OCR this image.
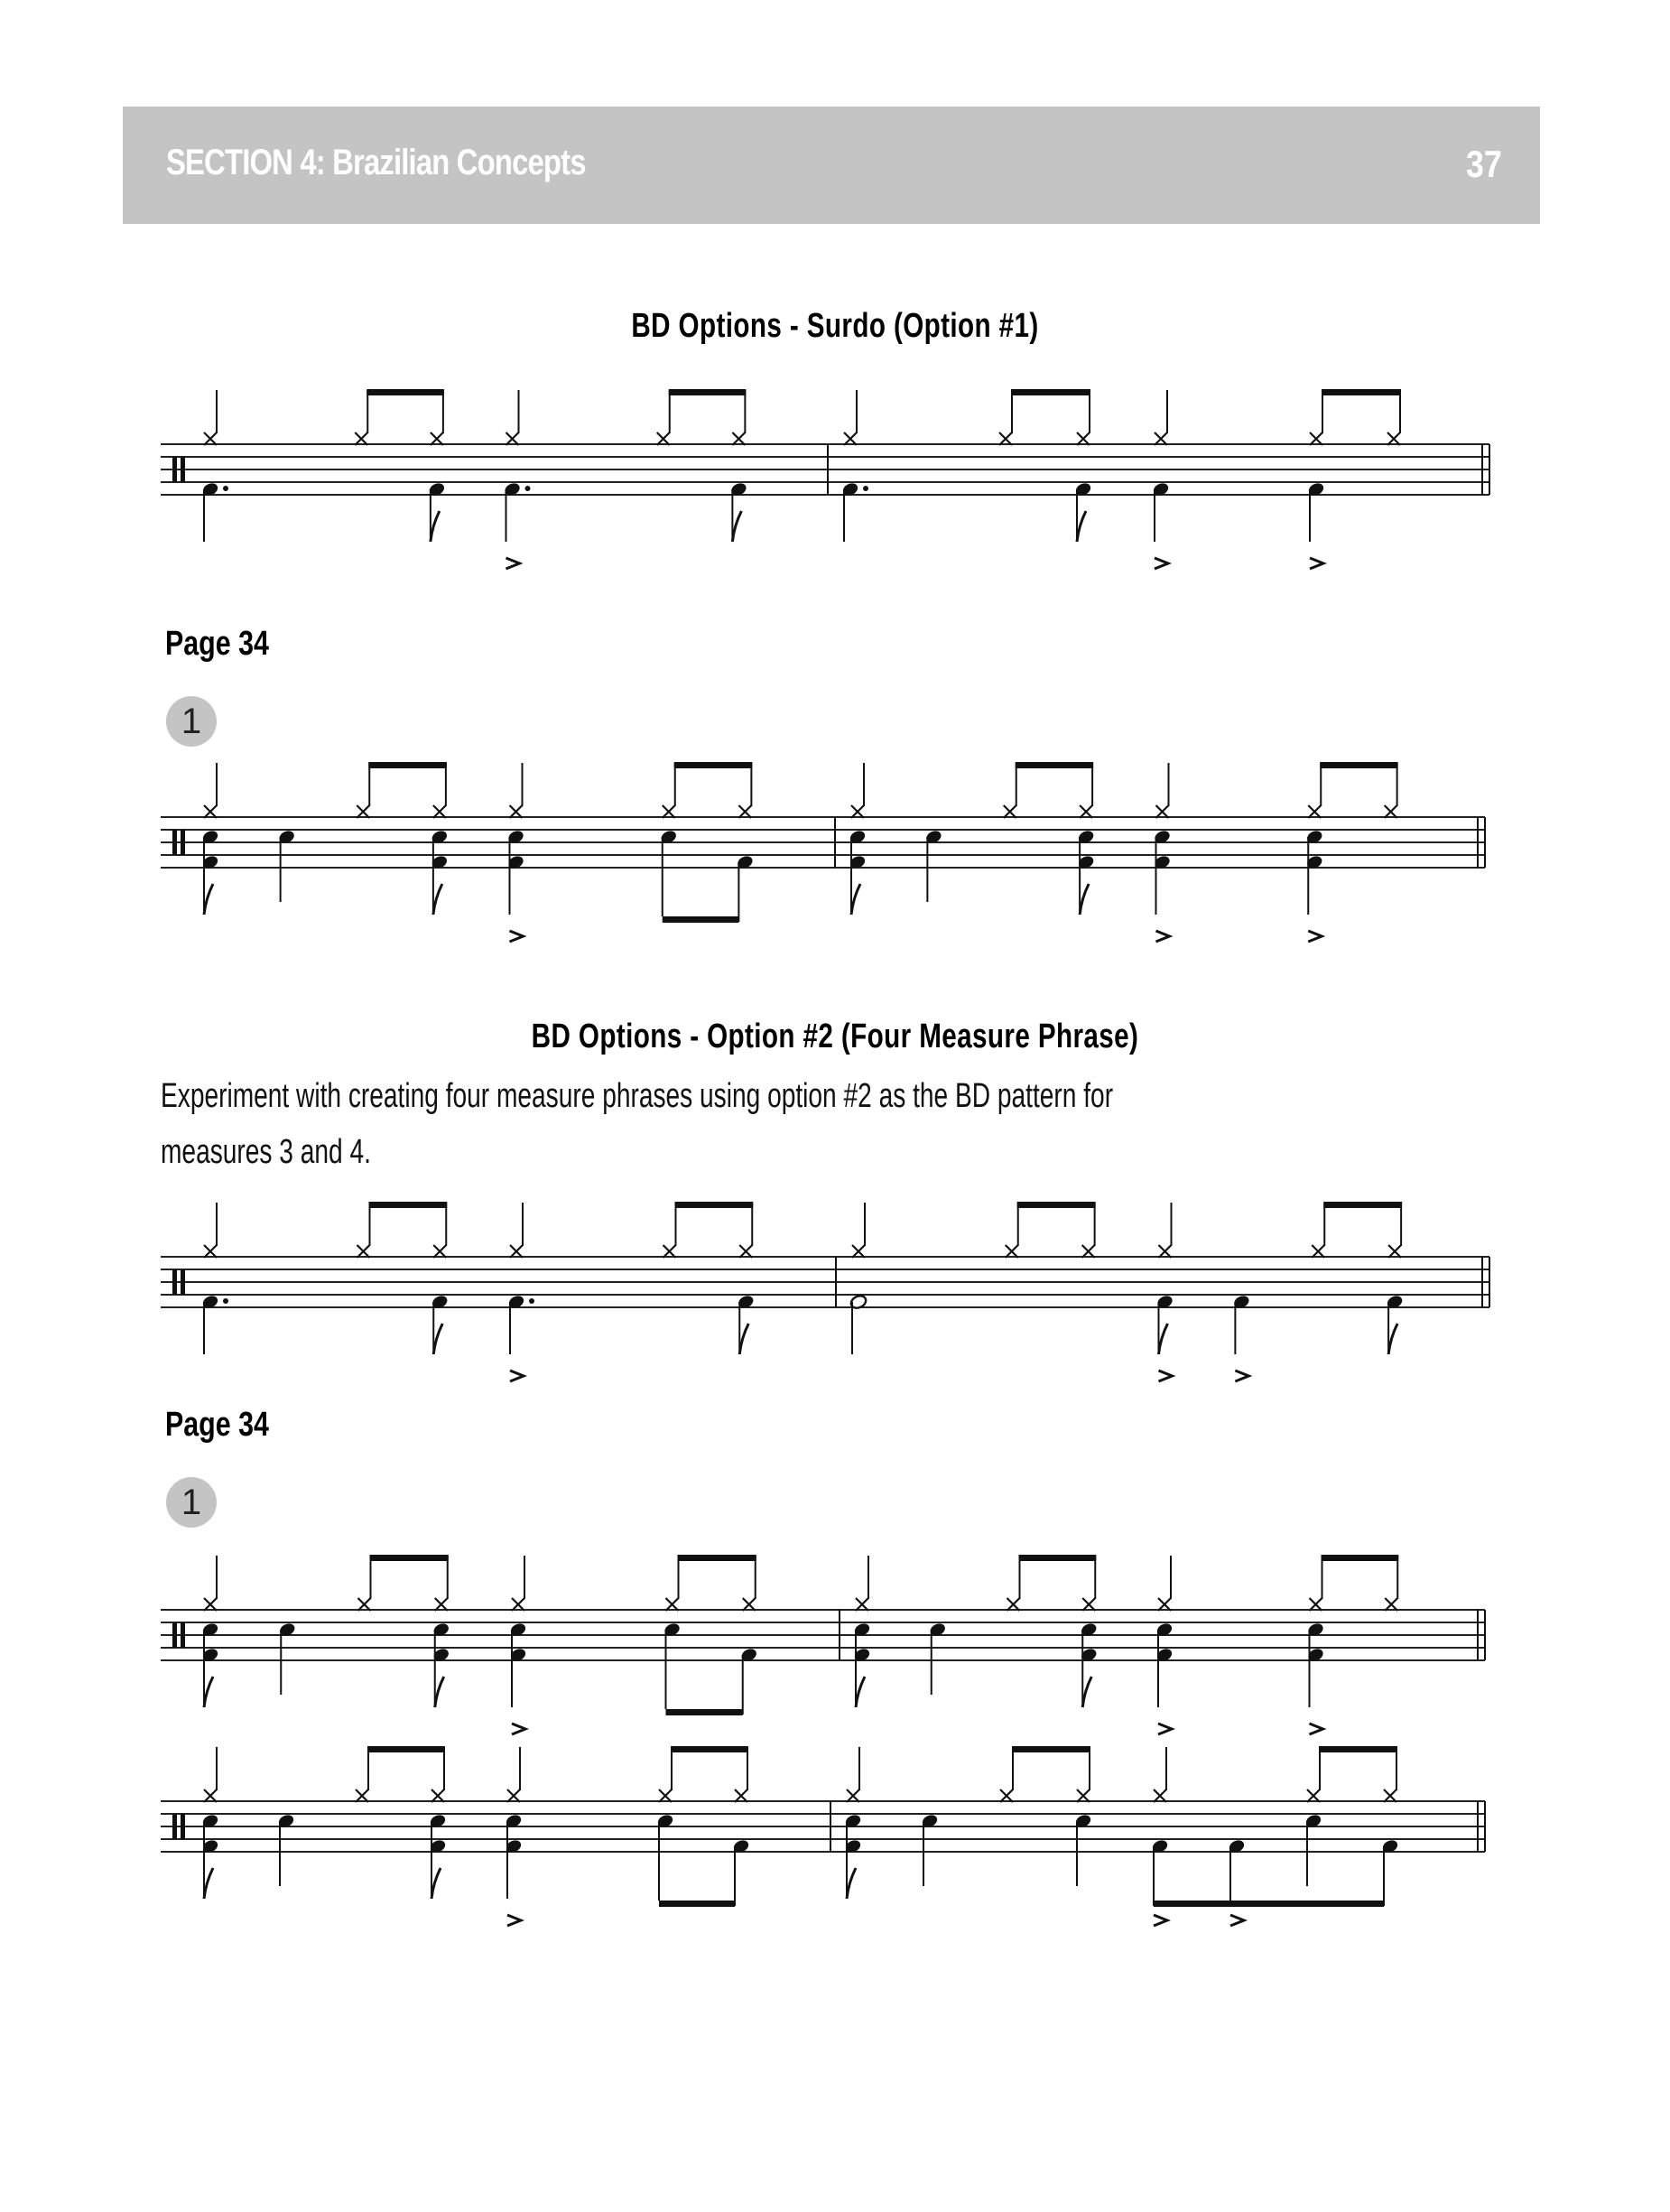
SECTION 4: Brazilian Concepts	37
BD Options - Surdo (Option #1)
Page 34
1
BD Options - Option #2 (Four Measure Phrase)
Experiment with creating four measure phrases using option #2 as the BD pattern for
measures 3 and 4.
Page 34
1
